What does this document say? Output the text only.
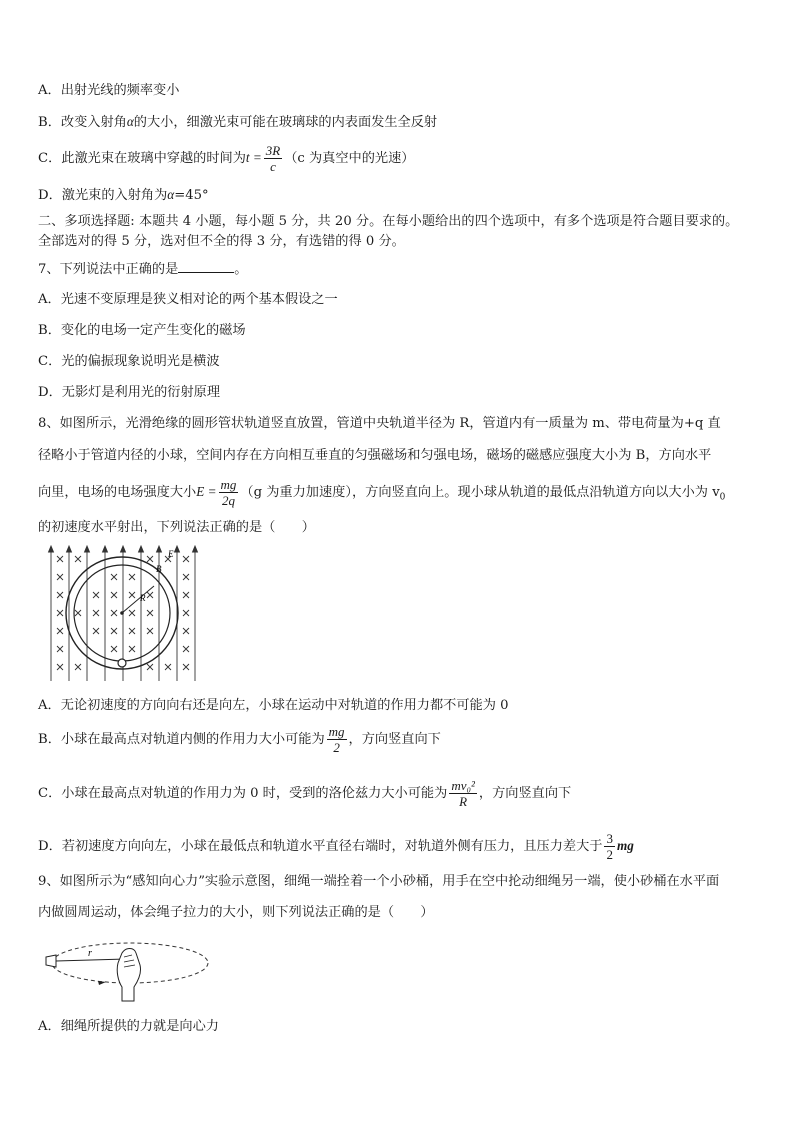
A．出射光线的频率变小
B．改变入射角α的大小，细激光束可能在玻璃球的内表面发生全反射
C．此激光束在玻璃中穿越的时间为$t = \frac{3R}{c} (c$ 为真空中的光速）
D．激光束的入射角为α=45°
二、多项选择题: 本题共 4 小题，每小题 5 分，共 20 分。在每小题给出的四个选项中，有多个选项是符合题目要求的。
全部选对的得 5 分，选对但不全的得 3 分，有选错的得 0 分。
7、下列说法中正确的是	。
A．光速不变原理是狭义相对论的两个基本假设之一
B．变化的电场一定产生变化的磁场
C．光的偏振现象说明光是横波
D．无影灯是利用光的衍射原理
8、如图所示，光滑绝缘的圆形管状轨道竖直放置，管道中央轨道半径为 R，管道内有一质量为 m、带电荷量为+q 直
径略小于管道内径的小球，空间内存在方向相互垂直的匀强磁场和匀强电场，磁场的磁感应强度大小为 B，方向水平
向里，电场的电场强度大小$E = \frac{mg}{2q} (g$ 为重力加速度），方向竖直向上。现小球从轨道的最低点沿轨道方向以大小为 $v_0$
的初速度水平射出，下列说法正确的是（　　）
E
B
R
A．无论初速度的方向向右还是向左，小球在运动中对轨道的作用力都不可能为 0
B．小球在最高点对轨道内侧的作用力大小可能为 $\frac{mg}{2}$ ，方向竖直向下
C．小球在最高点对轨道的作用力为 0 时，受到的洛伦兹力大小可能为 $\frac{\text{mv₀²}}{R}$ ，方向竖直向下
D．若初速度方向向左，小球在最低点和轨道水平直径右端时，对轨道外侧有压力，且压力差大于 $\frac{3}{2}$ mg
9、如图所示为“感知向心力”实验示意图，细绳一端拴着一个小砂桶，用手在空中抡动细绳另一端，使小砂桶在水平面
内做圆周运动，体会绳子拉力的大小，则下列说法正确的是（　　）
r
A．细绳所提供的力就是向心力
